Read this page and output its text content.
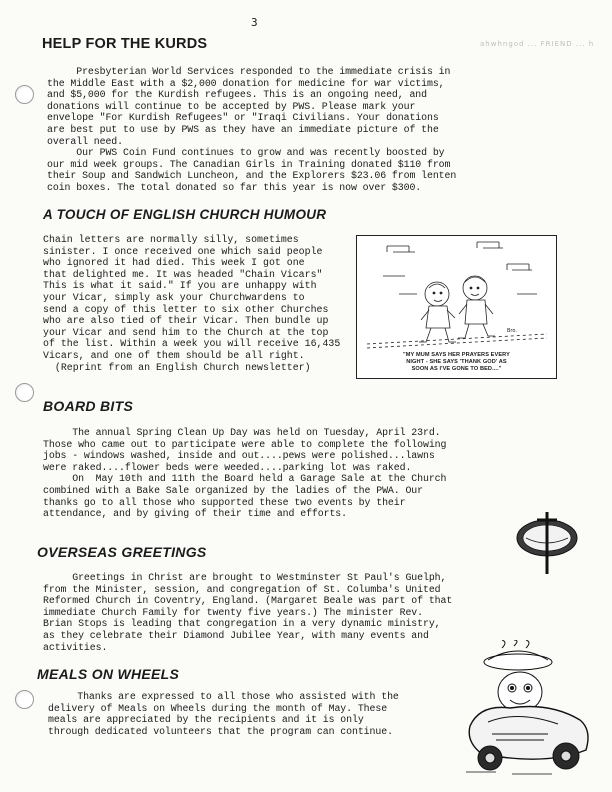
3
ahwhngod ... FRIEND ... h
HELP FOR THE KURDS
Presbyterian World Services responded to the immediate crisis in
the Middle East with a $2,000 donation for medicine for war victims,
and $5,000 for the Kurdish refugees. This is an ongoing need, and
donations will continue to be accepted by PWS. Please mark your
envelope "For Kurdish Refugees" or "Iraqi Civilians. Your donations
are best put to use by PWS as they have an immediate picture of the
overall need.
Our PWS Coin Fund continues to grow and was recently boosted by
our mid week groups. The Canadian Girls in Training donated $110 from
their Soup and Sandwich Luncheon, and the Explorers $23.06 from lenten
coin boxes. The total donated so far this year is now over $300.
A TOUCH OF ENGLISH CHURCH HUMOUR
Chain letters are normally silly, sometimes
sinister. I once received one which said people
who ignored it had died. This week I got one
that delighted me. It was headed "Chain Vicars"
This is what it said." If you are unhappy with
your Vicar, simply ask your Churchwardens to
send a copy of this letter to six other Churches
who are also tied of their Vicar. Then bundle up
your Vicar and send him to the Church at the top
of the list. Within a week you will receive 16,435
Vicars, and one of them should be all right.
(Reprint from an English Church newsletter)
Bro.
"MY MUM SAYS HER PRAYERS EVERY
NIGHT - SHE SAYS 'THANK GOD' AS
SOON AS I'VE GONE TO BED...."
BOARD BITS
The annual Spring Clean Up Day was held on Tuesday, April 23rd.
Those who came out to participate were able to complete the following
jobs - windows washed, inside and out....pews were polished...lawns
were raked....flower beds were weeded....parking lot was raked.
On  May 10th and 11th the Board held a Garage Sale at the Church
combined with a Bake Sale organized by the ladies of the PWA. Our
thanks go to all those who supported these two events by their
attendance, and by giving of their time and efforts.
OVERSEAS GREETINGS
Greetings in Christ are brought to Westminster St Paul's Guelph,
from the Minister, session, and congregation of St. Columba's United
Reformed Church in Coventry, England. (Margaret Beale was part of that
immediate Church Family for twenty five years.) The minister Rev.
Brian Stops is leading that congregation in a very dynamic ministry,
as they celebrate their Diamond Jubilee Year, with many events and
activities.
MEALS ON WHEELS
Thanks are expressed to all those who assisted with the
delivery of Meals on Wheels during the month of May. These
meals are appreciated by the recipients and it is only
through dedicated volunteers that the program can continue.
